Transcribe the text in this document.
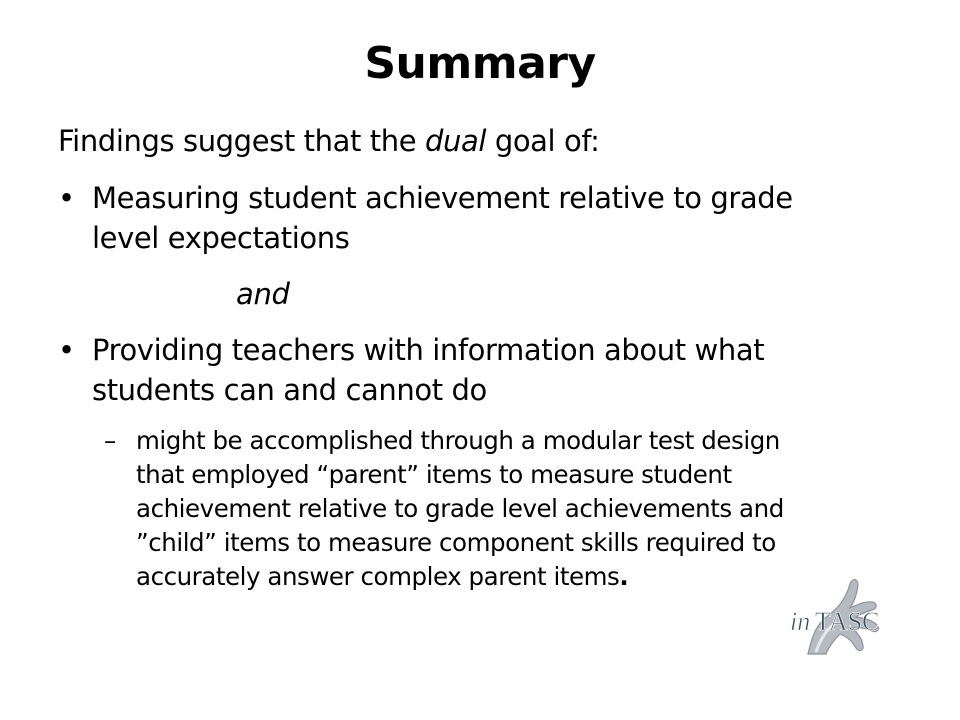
Summary
Findings suggest that the dual goal of:
• Measuring student achievement relative to grade
level expectations
and
• Providing teachers with information about what
students can and cannot do
– might be accomplished through a modular test design
that employed “parent” items to measure student
achievement relative to grade level achievements and
”child” items to measure component skills required to
accurately answer complex parent items.
in TASC
